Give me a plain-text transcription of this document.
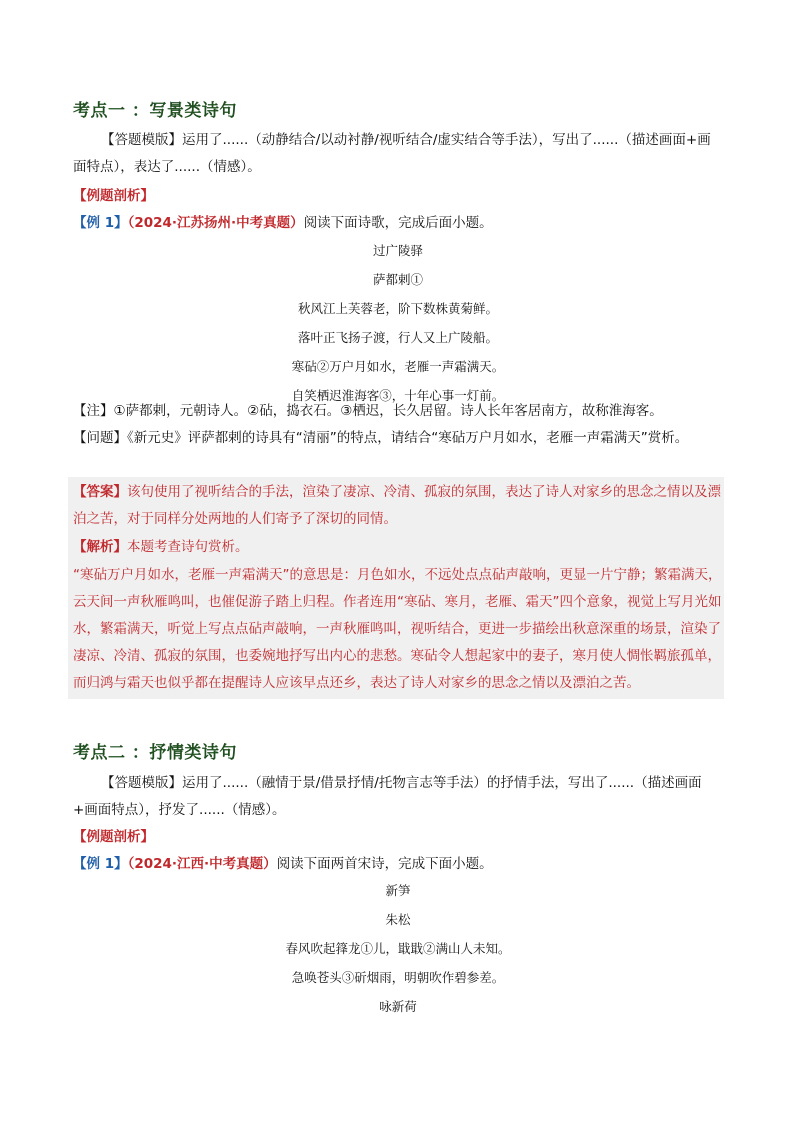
考点一 ：写景类诗句
【答题模版】运用了......（动静结合/以动衬静/视听结合/虚实结合等手法），写出了......（描述画面+画面特点），表达了......（情感）。
【例题剖析】
【例 1】（2024·江苏扬州·中考真题）阅读下面诗歌，完成后面小题。
过广陵驿
萨都剌①
秋风江上芙蓉老，阶下数株黄菊鲜。
落叶正飞扬子渡，行人又上广陵船。
寒砧②万户月如水，老雁一声霜满天。
自笑栖迟淮海客③，十年心事一灯前。
【注】①萨都剌，元朝诗人。②砧，捣衣石。③栖迟，长久居留。诗人长年客居南方，故称淮海客。
【问题】《新元史》评萨都剌的诗具有“清丽”的特点，请结合“寒砧万户月如水，老雁一声霜满天”赏析。
【答案】该句使用了视听结合的手法，渲染了凄凉、冷清、孤寂的氛围，表达了诗人对家乡的思念之情以及漂泊之苦，对于同样分处两地的人们寄予了深切的同情。
【解析】本题考查诗句赏析。
“寒砧万户月如水，老雁一声霜满天”的意思是：月色如水，不远处点点砧声敲响，更显一片宁静；繁霜满天，云天间一声秋雁鸣叫，也催促游子踏上归程。作者连用“寒砧、寒月，老雁、霜天”四个意象，视觉上写月光如水，繁霜满天，听觉上写点点砧声敲响，一声秋雁鸣叫，视听结合，更进一步描绘出秋意深重的场景，渲染了凄凉、冷清、孤寂的氛围，也委婉地抒写出内心的悲愁。寒砧令人想起家中的妻子，寒月使人惆怅羁旅孤单，而归鸿与霜天也似乎都在提醒诗人应该早点还乡，表达了诗人对家乡的思念之情以及漂泊之苦。
考点二 ：抒情类诗句
【答题模版】运用了......（融情于景/借景抒情/托物言志等手法）的抒情手法，写出了......（描述画面+画面特点），抒发了......（情感）。
【例题剖析】
【例 1】（2024·江西·中考真题）阅读下面两首宋诗，完成下面小题。
新笋
朱松
春风吹起箨龙①儿，戢戢②满山人未知。
急唤苍头③斫烟雨，明朝吹作碧参差。
咏新荷
